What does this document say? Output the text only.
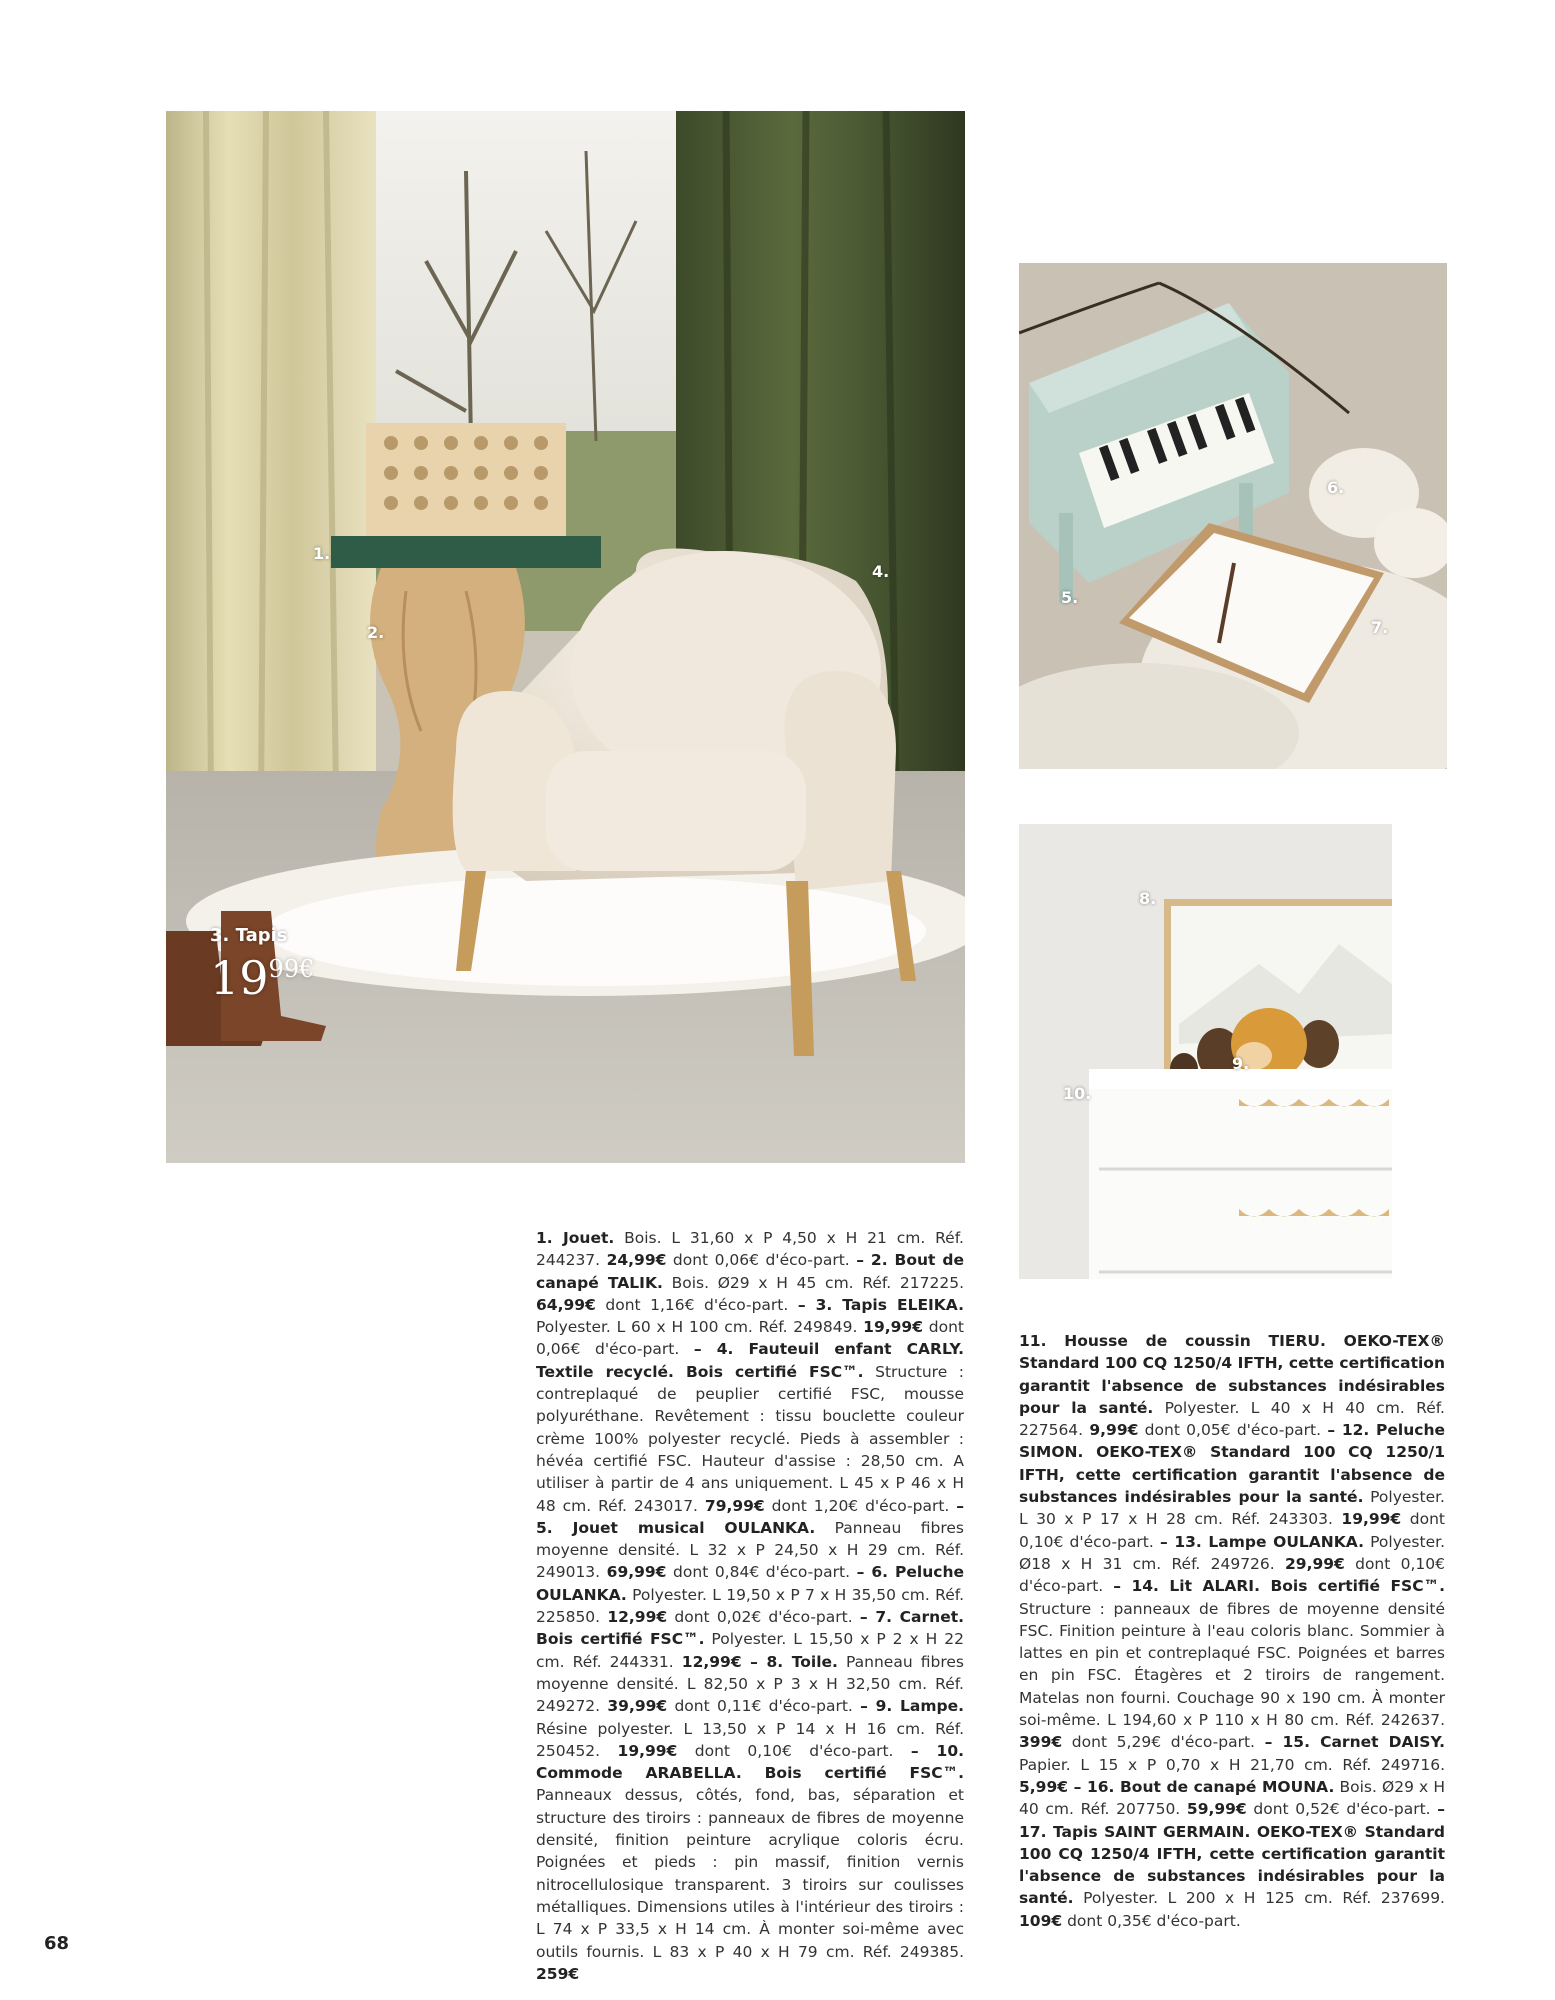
1.
2.
4.
3. Tapis
$19^{99€}$
5.
6.
7.
8.
9.
10.
1. Jouet. Bois. L 31,60 x P 4,50 x H 21 cm. Réf. 244237. 24,99€ dont 0,06€ d'éco-part. – 2. Bout de canapé TALIK. Bois. Ø29 x H 45 cm. Réf. 217225. 64,99€ dont 1,16€ d'éco-part. – 3. Tapis ELEIKA. Polyester. L 60 x H 100 cm. Réf. 249849. 19,99€ dont 0,06€ d'éco-part. – 4. Fauteuil enfant CARLY. Textile recyclé. Bois certifié FSC™. Structure : contreplaqué de peuplier certifié FSC, mousse polyuréthane. Revêtement : tissu bouclette couleur crème 100% polyester recyclé. Pieds à assembler : hévéa certifié FSC. Hauteur d'assise : 28,50 cm. A utiliser à partir de 4 ans uniquement. L 45 x P 46 x H 48 cm. Réf. 243017. 79,99€ dont 1,20€ d'éco-part. – 5. Jouet musical OULANKA. Panneau fibres moyenne densité. L 32 x P 24,50 x H 29 cm. Réf. 249013. 69,99€ dont 0,84€ d'éco-part. – 6. Peluche OULANKA. Polyester. L 19,50 x P 7 x H 35,50 cm. Réf. 225850. 12,99€ dont 0,02€ d'éco-part. – 7. Carnet. Bois certifié FSC™. Polyester. L 15,50 x P 2 x H 22 cm. Réf. 244331. 12,99€ – 8. Toile. Panneau fibres moyenne densité. L 82,50 x P 3 x H 32,50 cm. Réf. 249272. 39,99€ dont 0,11€ d'éco-part. – 9. Lampe. Résine polyester. L 13,50 x P 14 x H 16 cm. Réf. 250452. 19,99€ dont 0,10€ d'éco-part. – 10. Commode ARABELLA. Bois certifié FSC™. Panneaux dessus, côtés, fond, bas, séparation et structure des tiroirs : panneaux de fibres de moyenne densité, finition peinture acrylique coloris écru. Poignées et pieds : pin massif, finition vernis nitrocellulosique transparent. 3 tiroirs sur coulisses métalliques. Dimensions utiles à l'intérieur des tiroirs : L 74 x P 33,5 x H 14 cm. À monter soi-même avec outils fournis. L 83 x P 40 x H 79 cm. Réf. 249385. 259€
11. Housse de coussin TIERU. OEKO-TEX® Standard 100 CQ 1250/4 IFTH, cette certification garantit l'absence de substances indésirables pour la santé. Polyester. L 40 x H 40 cm. Réf. 227564. 9,99€ dont 0,05€ d'éco-part. – 12. Peluche SIMON. OEKO-TEX® Standard 100 CQ 1250/1 IFTH, cette certification garantit l'absence de substances indésirables pour la santé. Polyester. L 30 x P 17 x H 28 cm. Réf. 243303. 19,99€ dont 0,10€ d'éco-part. – 13. Lampe OULANKA. Polyester. Ø18 x H 31 cm. Réf. 249726. 29,99€ dont 0,10€ d'éco-part. – 14. Lit ALARI. Bois certifié FSC™. Structure : panneaux de fibres de moyenne densité FSC. Finition peinture à l'eau coloris blanc. Sommier à lattes en pin et contreplaqué FSC. Poignées et barres en pin FSC. Étagères et 2 tiroirs de rangement. Matelas non fourni. Couchage 90 x 190 cm. À monter soi-même. L 194,60 x P 110 x H 80 cm. Réf. 242637. 399€ dont 5,29€ d'éco-part. – 15. Carnet DAISY. Papier. L 15 x P 0,70 x H 21,70 cm. Réf. 249716. 5,99€ – 16. Bout de canapé MOUNA. Bois. Ø29 x H 40 cm. Réf. 207750. 59,99€ dont 0,52€ d'éco-part. – 17. Tapis SAINT GERMAIN. OEKO-TEX® Standard 100 CQ 1250/4 IFTH, cette certification garantit l'absence de substances indésirables pour la santé. Polyester. L 200 x H 125 cm. Réf. 237699. 109€ dont 0,35€ d'éco-part.
68
